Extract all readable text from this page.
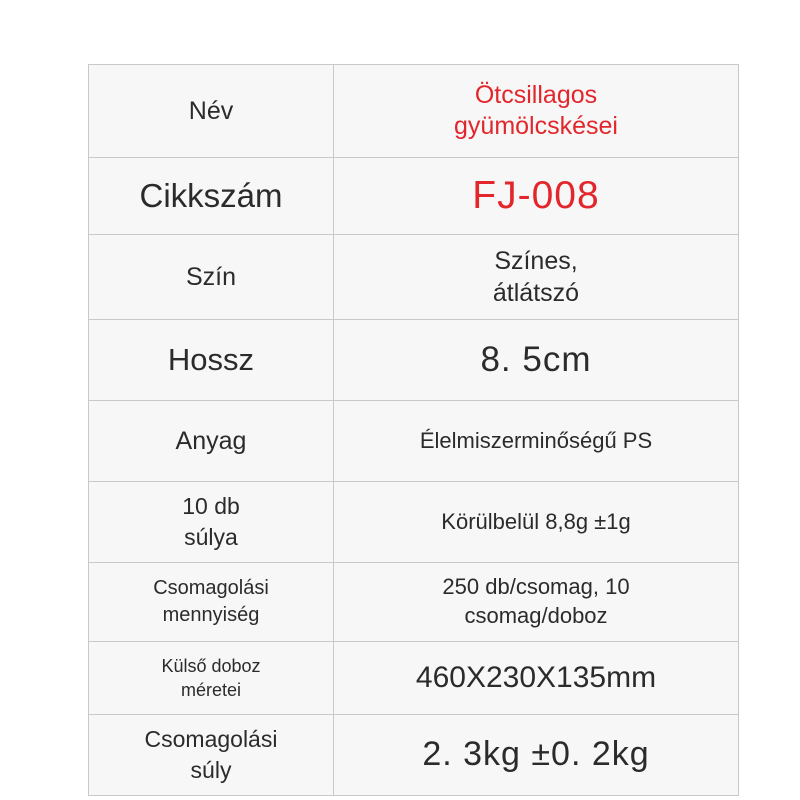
Név	Ötcsillagos
gyümölcskései

Cikkszám	FJ-008
Szín	Színes,
átlátszó

Hossz	8. 5cm
Anyag	Élelmiszerminőségű PS

10 db
súlya	Körülbelül 8,8g ±1g

Csomagolási
mennyiség	250 db/csomag, 10
csomag/doboz

Külső doboz
méretei	460X230X135mm

Csomagolási
súly	2. 3kg ±0. 2kg
